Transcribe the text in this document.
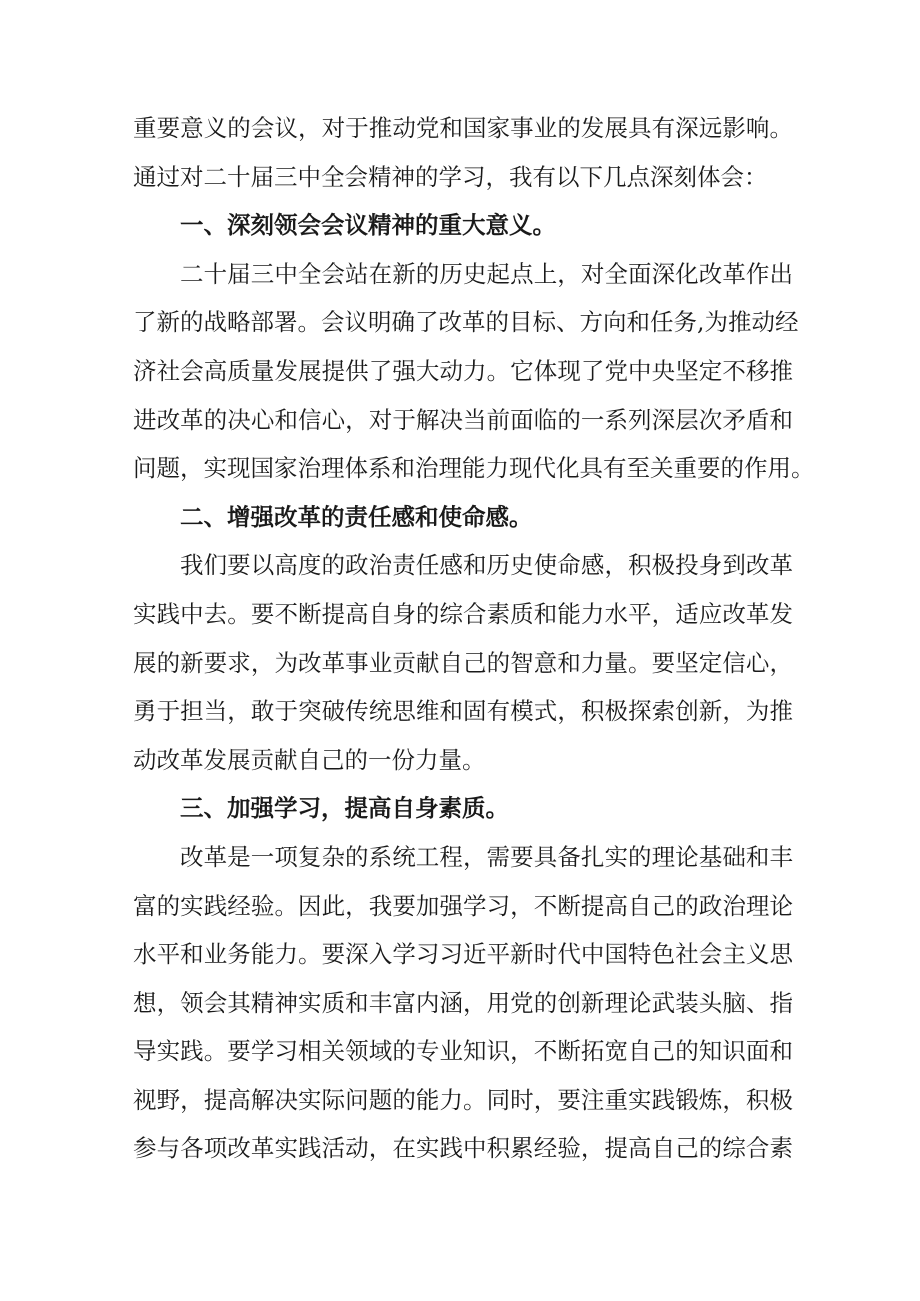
重要意义的会议，对于推动党和国家事业的发展具有深远影响。
通过对二十届三中全会精神的学习，我有以下几点深刻体会：
一、深刻领会会议精神的重大意义。
二十届三中全会站在新的历史起点上，对全面深化改革作出
了新的战略部署。会议明确了改革的目标、方向和任务,为推动经
济社会高质量发展提供了强大动力。它体现了党中央坚定不移推
进改革的决心和信心，对于解决当前面临的一系列深层次矛盾和
问题，实现国家治理体系和治理能力现代化具有至关重要的作用。
二、增强改革的责任感和使命感。
我们要以高度的政治责任感和历史使命感，积极投身到改革
实践中去。要不断提高自身的综合素质和能力水平，适应改革发
展的新要求，为改革事业贡献自己的智意和力量。要坚定信心，
勇于担当，敢于突破传统思维和固有模式，积极探索创新，为推
动改革发展贡献自己的一份力量。
三、加强学习，提高自身素质。
改革是一项复杂的系统工程，需要具备扎实的理论基础和丰
富的实践经验。因此，我要加强学习，不断提高自己的政治理论
水平和业务能力。要深入学习习近平新时代中国特色社会主义思
想，领会其精神实质和丰富内涵，用党的创新理论武装头脑、指
导实践。要学习相关领域的专业知识，不断拓宽自己的知识面和
视野，提高解决实际问题的能力。同时，要注重实践锻炼，积极
参与各项改革实践活动，在实践中积累经验，提高自己的综合素
